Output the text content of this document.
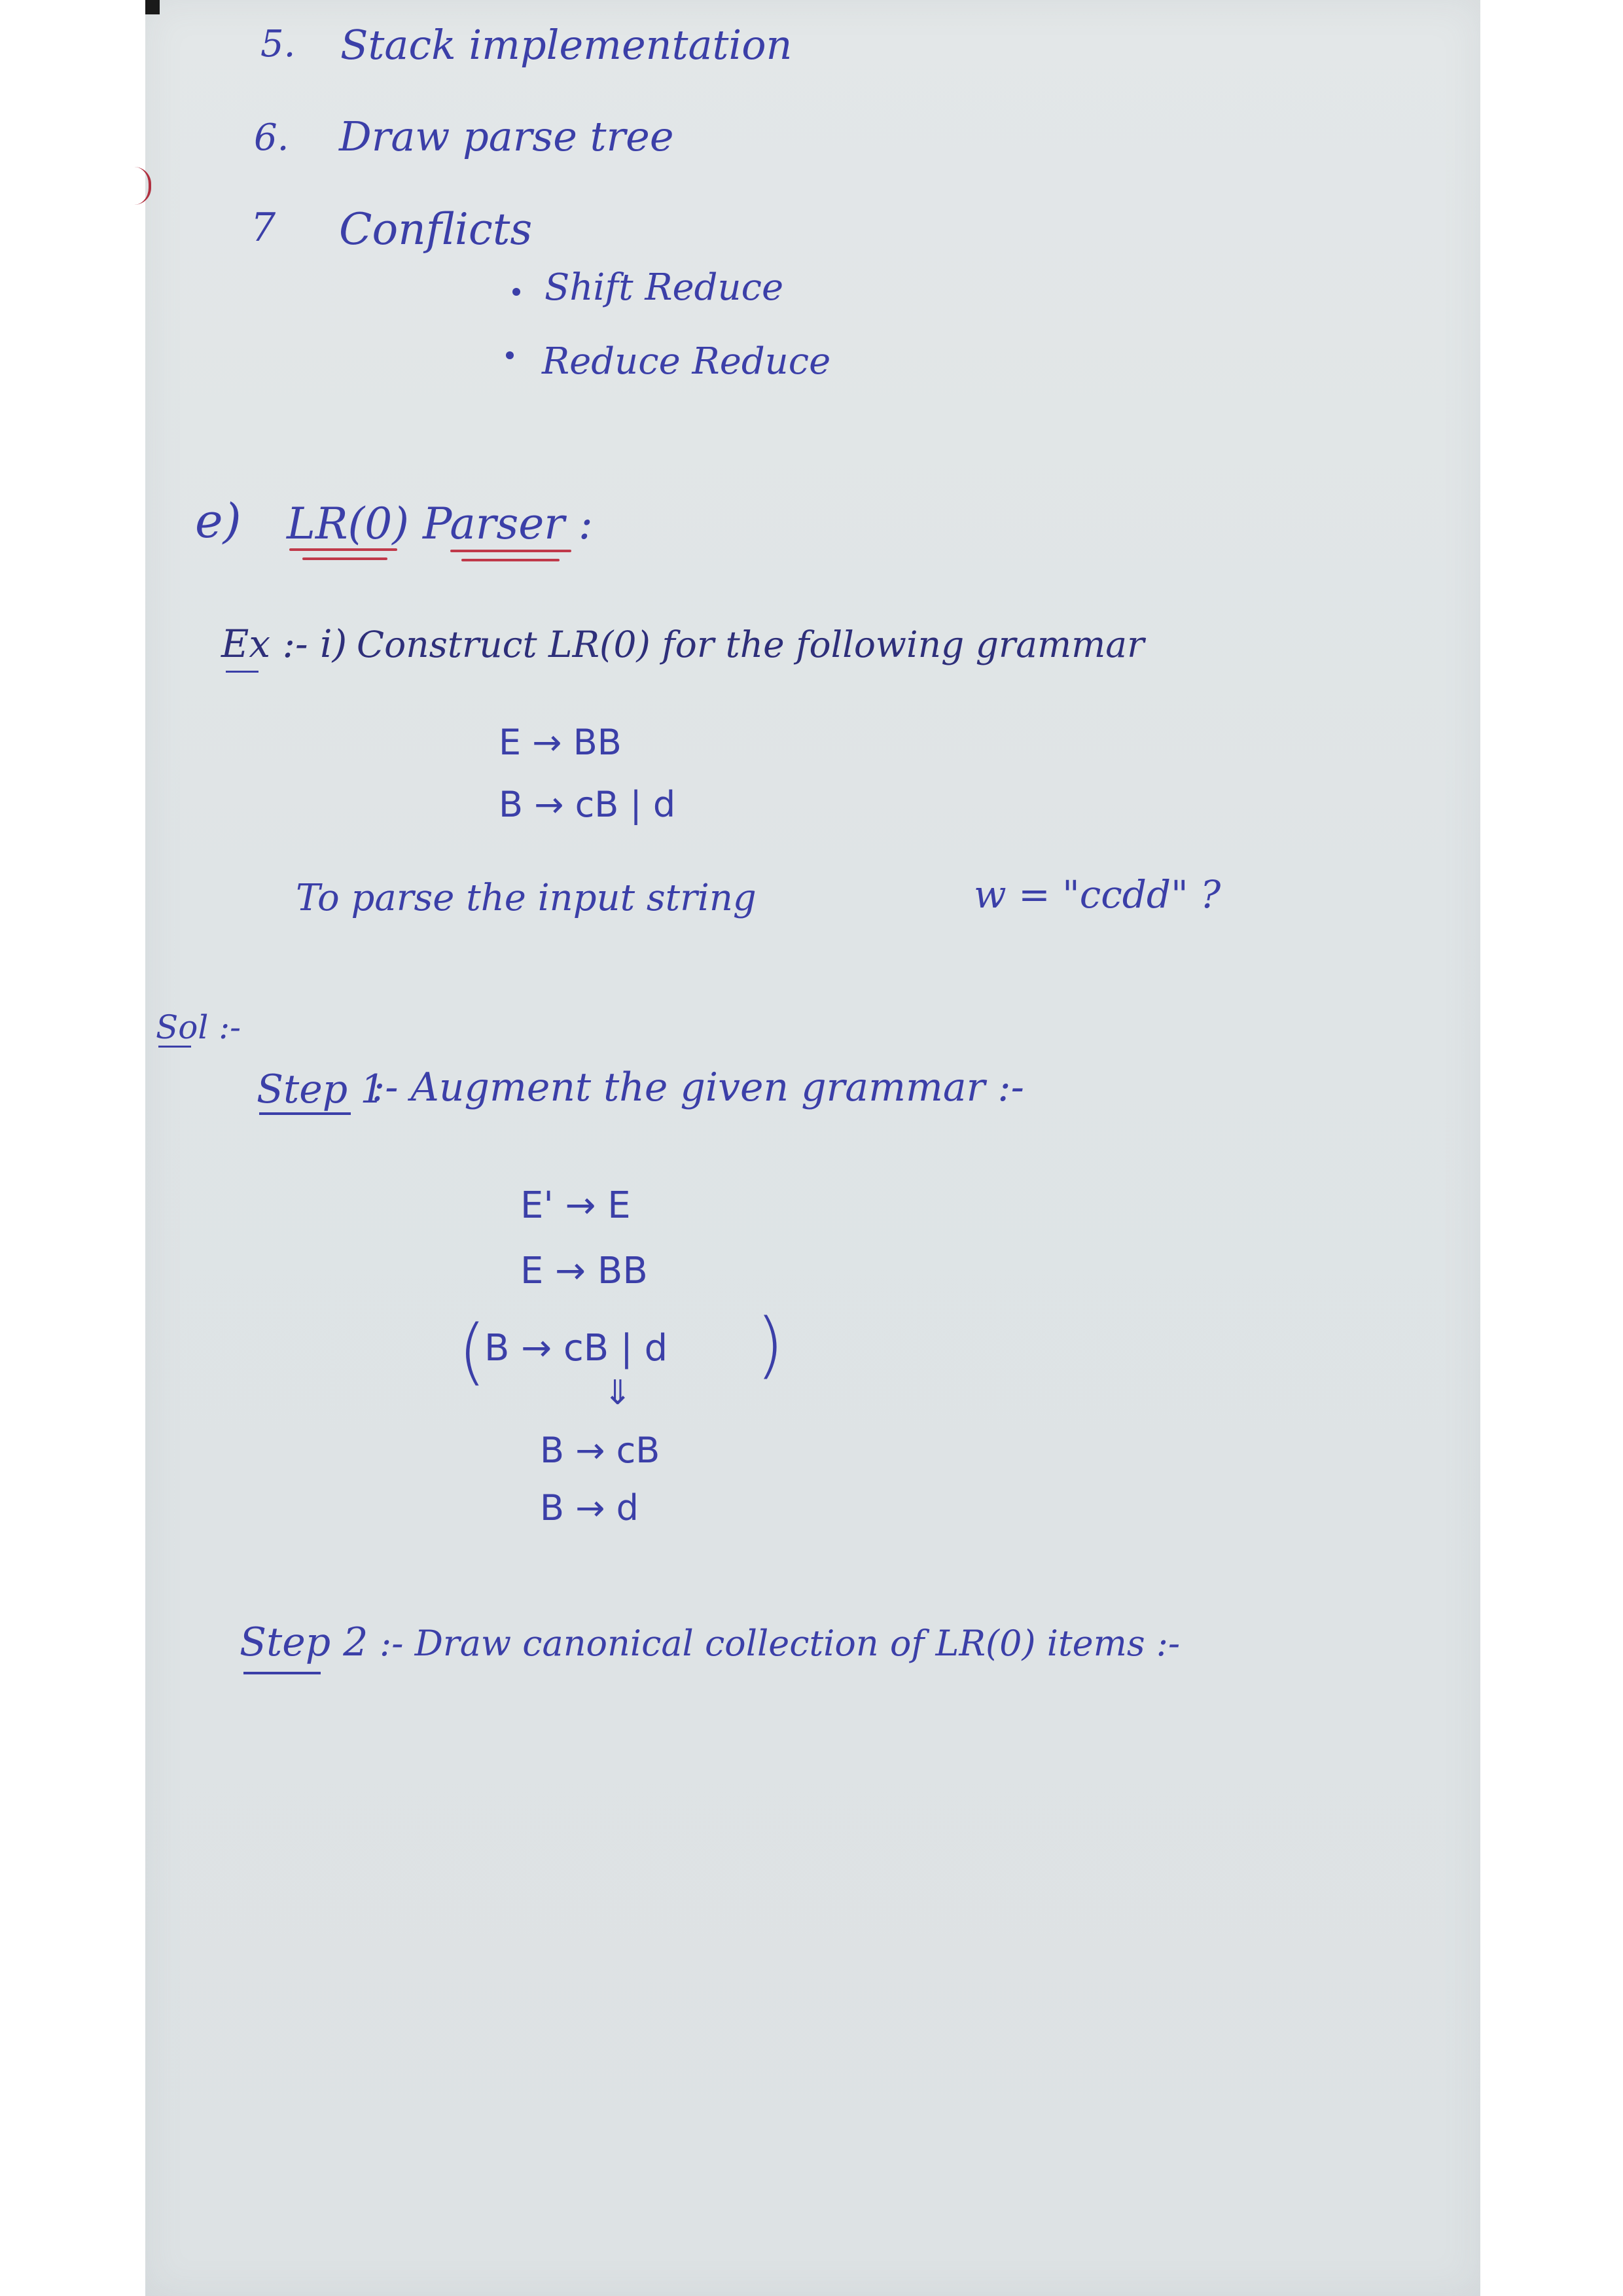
5. Stack implementation
6. Draw parse tree
7 Conflicts
Shift Reduce
Reduce Reduce
e) LR(0) Parser :
Ex :- i) Construct LR(0) for the following grammar
E → BB
B → cB | d
To parse the input string	w = "ccdd" ?
Sol :-
Step 1
:- Augment the given grammar :-
E' → E
E → BB
(
B → cB | d )
⇓
B → cB
B → d
Step 2 :- Draw canonical collection of LR(0) items :-
